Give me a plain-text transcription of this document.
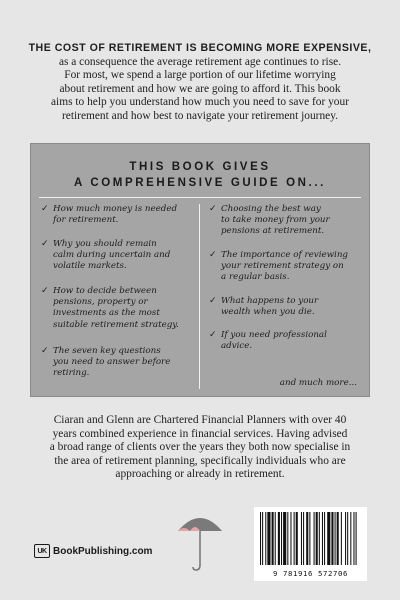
THE COST OF RETIREMENT IS BECOMING MORE EXPENSIVE,
as a consequence the average retirement age continues to rise.
For most, we spend a large portion of our lifetime worrying
about retirement and how we are going to afford it. This book
aims to help you understand how much you need to save for your
retirement and how best to navigate your retirement journey.
THIS BOOK GIVES
A COMPREHENSIVE GUIDE ON...
✓ How much money is needed
for retirement.
✓ Why you should remain
calm during uncertain and
volatile markets.
✓ How to decide between
pensions, property or
investments as the most
suitable retirement strategy.
✓ The seven key questions
you need to answer before
retiring.
✓ Choosing the best way
to take money from your
pensions at retirement.
✓ The importance of reviewing
your retirement strategy on
a regular basis.
✓ What happens to your
wealth when you die.
✓ If you need professional
advice.
and much more...
Ciaran and Glenn are Chartered Financial Planners with over 40
years combined experience in financial services. Having advised
a broad range of clients over the years they both now specialise in
the area of retirement planning, specifically individuals who are
approaching or already in retirement.
UK BookPublishing.com
9 781916 572706
